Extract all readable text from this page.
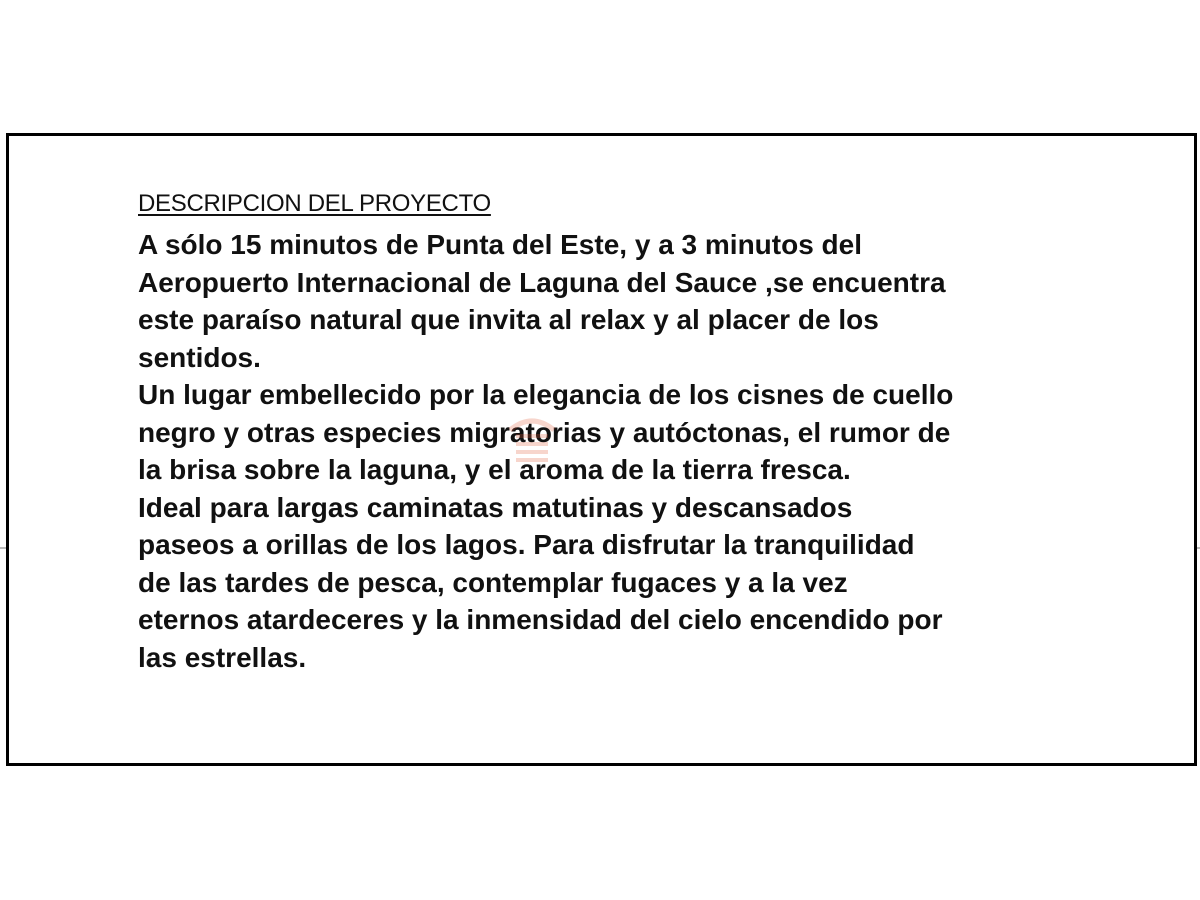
DESCRIPCION DEL PROYECTO
A sólo 15 minutos de Punta del Este, y a 3 minutos del
Aeropuerto Internacional de Laguna del Sauce ,se encuentra
este paraíso natural que invita al relax y al placer de los
sentidos.
Un lugar embellecido por la elegancia de los cisnes de cuello
negro y otras especies migratorias y autóctonas, el rumor de
la brisa sobre la laguna, y el aroma de la tierra fresca.
Ideal para largas caminatas matutinas y descansados
paseos a orillas de los lagos. Para disfrutar la tranquilidad
de las tardes de pesca, contemplar fugaces y a la vez
eternos atardeceres y la inmensidad del cielo encendido por
las estrellas.
